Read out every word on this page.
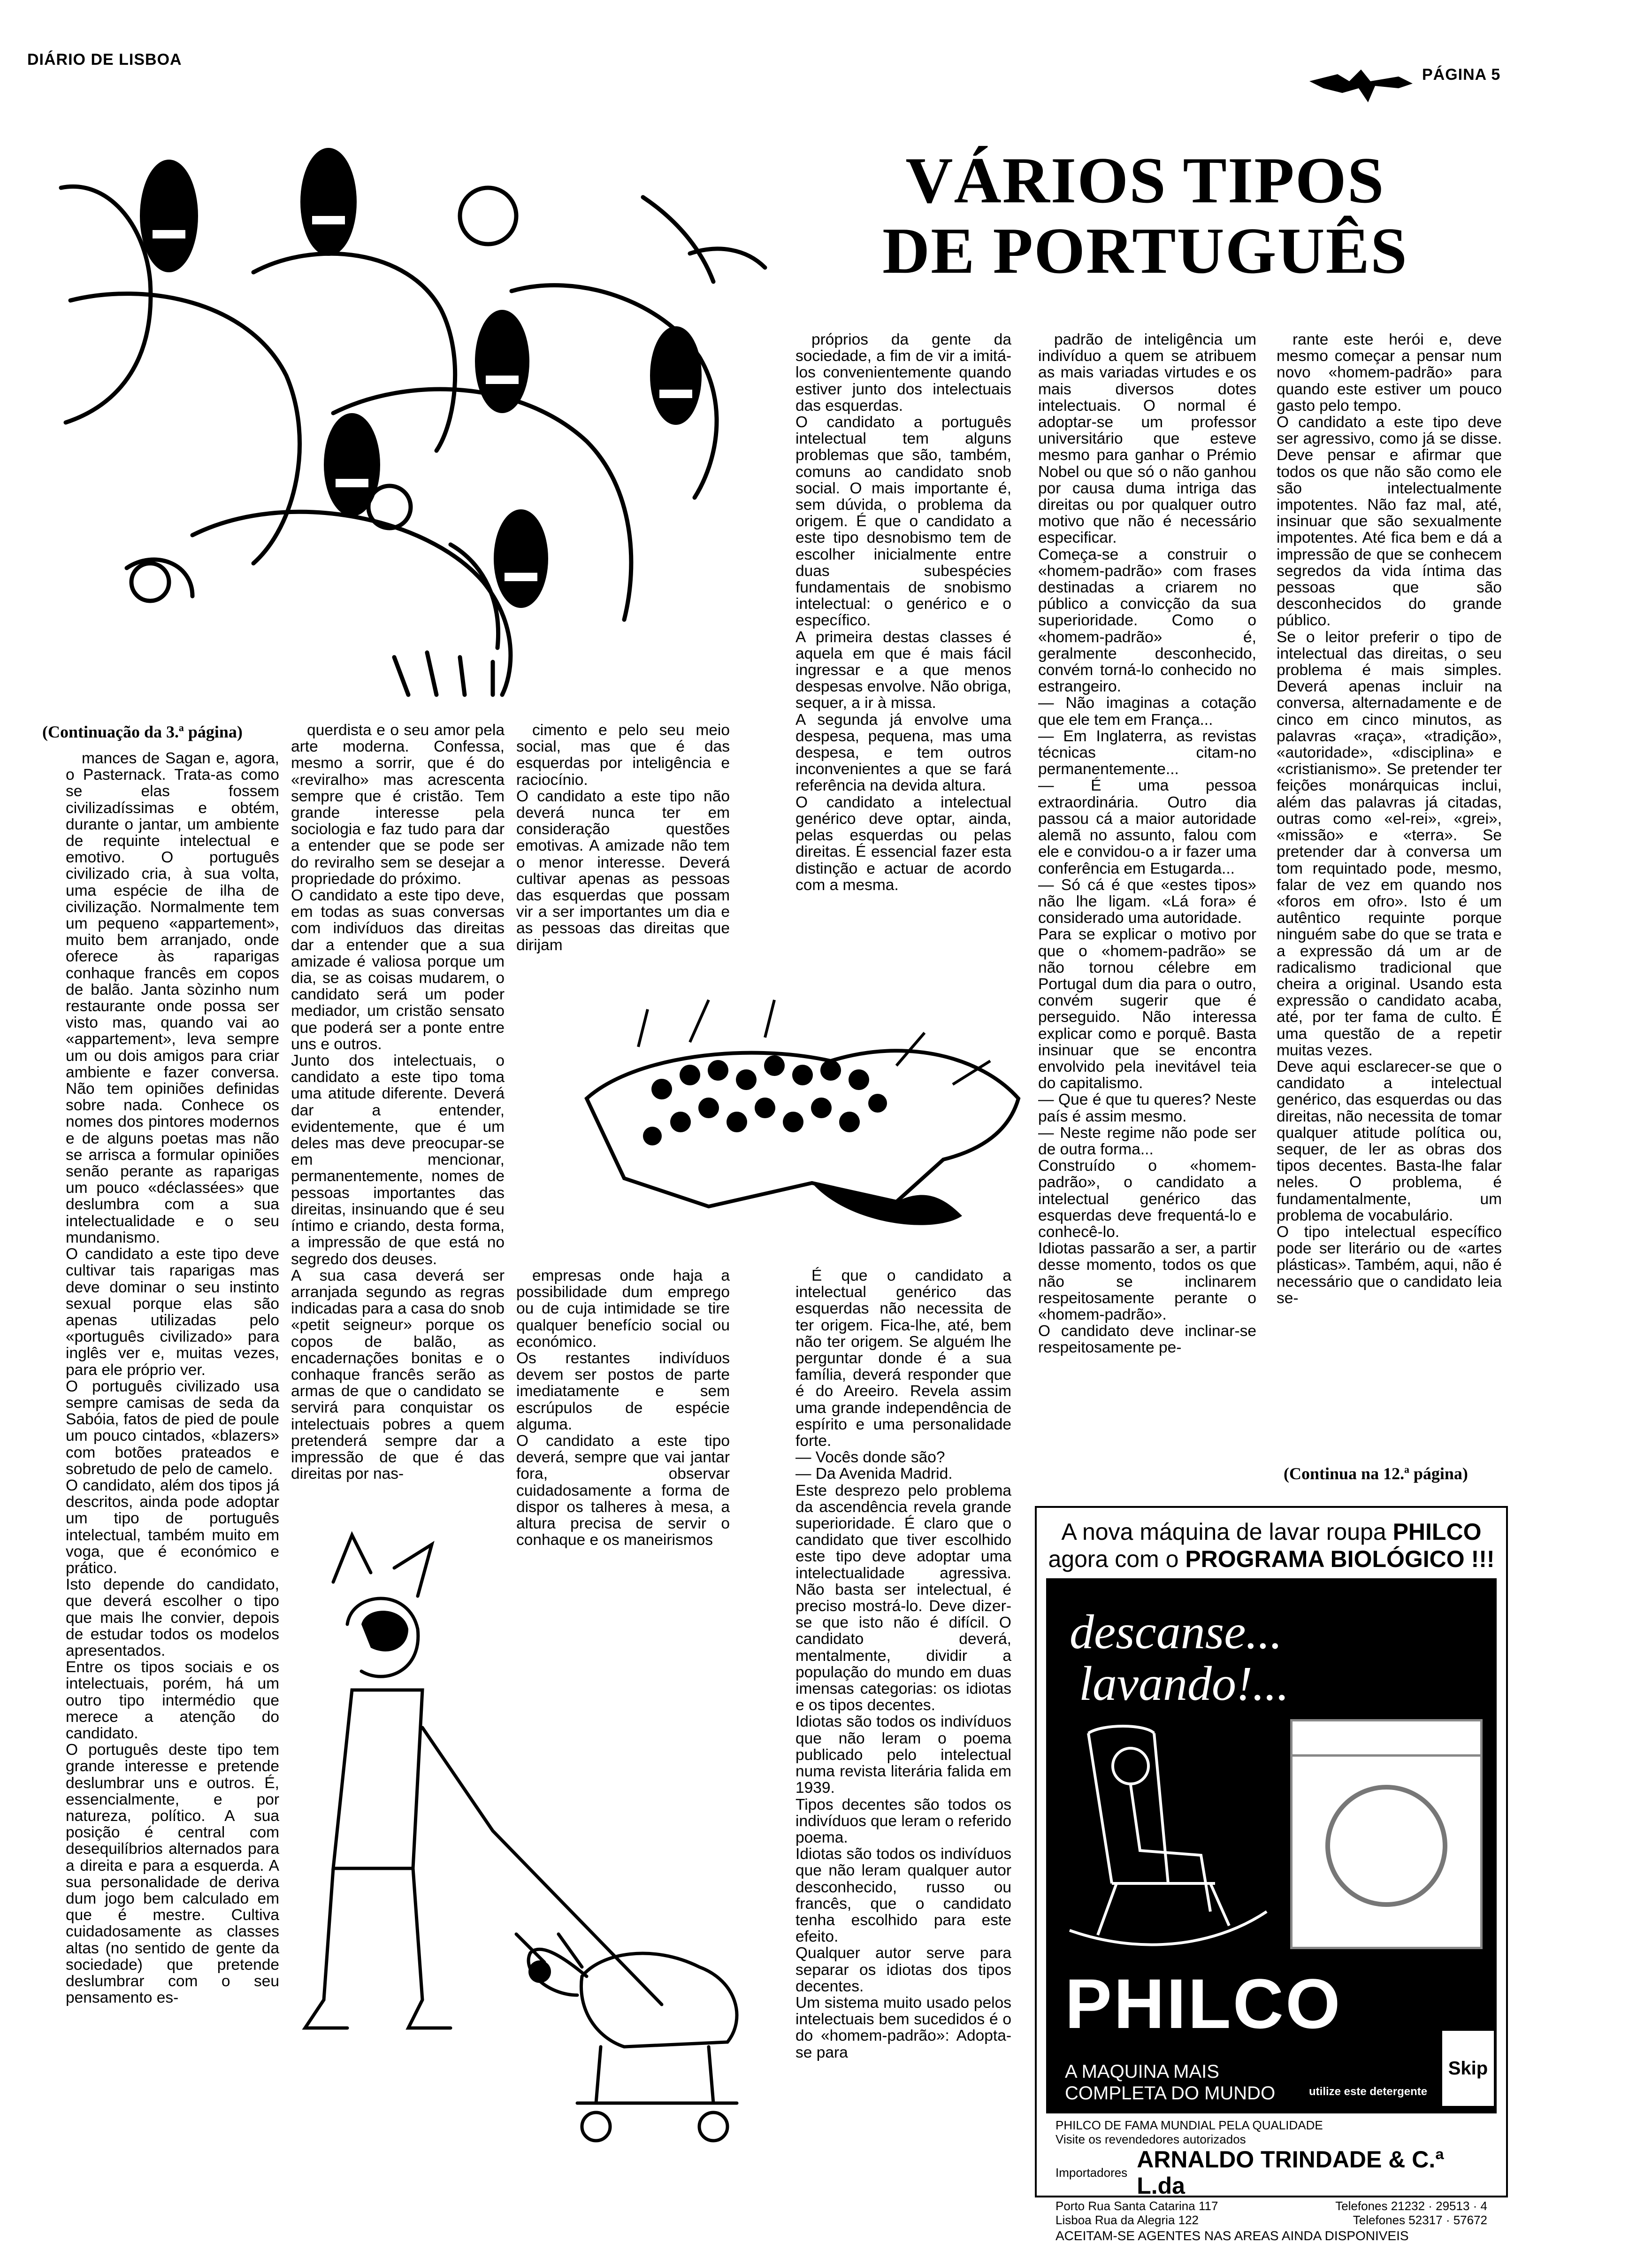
DIÁRIO DE LISBOA
PÁGINA 5
VÁRIOS TIPOS
DE PORTUGUÊS
(Continuação da 3.ª página)

mances de Sagan e, agora, o Pasternack. Trata-as como se elas fossem civilizadíssimas e obtém, durante o jantar, um ambiente de requinte intelectual e emotivo. O português civilizado cria, à sua volta, uma espécie de ilha de civilização. Normalmente tem um pequeno «appartement», muito bem arranjado, onde oferece às raparigas conhaque francês em copos de balão. Janta sòzinho num restaurante onde possa ser visto mas, quando vai ao «appartement», leva sempre um ou dois amigos para criar ambiente e fazer conversa. Não tem opiniões definidas sobre nada. Conhece os nomes dos pintores modernos e de alguns poetas mas não se arrisca a formular opiniões senão perante as raparigas um pouco «déclassées» que deslumbra com a sua intelectualidade e o seu mundanismo.
O candidato a este tipo deve cultivar tais raparigas mas deve dominar o seu instinto sexual porque elas são apenas utilizadas pelo «português civilizado» para inglês ver e, muitas vezes, para ele próprio ver.
O português civilizado usa sempre camisas de seda da Sabóia, fatos de pied de poule um pouco cintados, «blazers» com botões prateados e sobretudo de pelo de camelo.
O candidato, além dos tipos já descritos, ainda pode adoptar um tipo de português intelectual, também muito em voga, que é económico e prático.
Isto depende do candidato, que deverá escolher o tipo que mais lhe convier, depois de estudar todos os modelos apresentados.
Entre os tipos sociais e os intelectuais, porém, há um outro tipo intermédio que merece a atenção do candidato.
O português deste tipo tem grande interesse e pretende deslumbrar uns e outros. É, essencialmente, e por natureza, político. A sua posição é central com desequilíbrios alternados para a direita e para a esquerda. A sua personalidade de deriva dum jogo bem calculado em que é mestre. Cultiva cuidadosamente as classes altas (no sentido de gente da sociedade) que pretende deslumbrar com o seu pensamento es-

querdista e o seu amor pela arte moderna. Confessa, mesmo a sorrir, que é do «reviralho» mas acrescenta sempre que é cristão. Tem grande interesse pela sociologia e faz tudo para dar a entender que se pode ser do reviralho sem se desejar a propriedade do próximo.
O candidato a este tipo deve, em todas as suas conversas com indivíduos das direitas dar a entender que a sua amizade é valiosa porque um dia, se as coisas mudarem, o candidato será um poder mediador, um cristão sensato que poderá ser a ponte entre uns e outros.
Junto dos intelectuais, o candidato a este tipo toma uma atitude diferente. Deverá dar a entender, evidentemente, que é um deles mas deve preocupar-se em mencionar, permanentemente, nomes de pessoas importantes das direitas, insinuando que é seu íntimo e criando, desta forma, a impressão de que está no segredo dos deuses.
A sua casa deverá ser arranjada segundo as regras indicadas para a casa do snob «petit seigneur» porque os copos de balão, as encadernações bonitas e o conhaque francês serão as armas de que o candidato se servirá para conquistar os intelectuais pobres a quem pretenderá sempre dar a impressão de que é das direitas por nas-

cimento e pelo seu meio social, mas que é das esquerdas por inteligência e raciocínio.
O candidato a este tipo não deverá nunca ter em consideração questões emotivas. A amizade não tem o menor interesse. Deverá cultivar apenas as pessoas das esquerdas que possam vir a ser importantes um dia e as pessoas das direitas que dirijam

próprios da gente da sociedade, a fim de vir a imitá-los convenientemente quando estiver junto dos intelectuais das esquerdas.
O candidato a português intelectual tem alguns problemas que são, também, comuns ao candidato snob social. O mais importante é, sem dúvida, o problema da origem. É que o candidato a este tipo desnobismo tem de escolher inicialmente entre duas subespécies fundamentais de snobismo intelectual: o genérico e o específico.
A primeira destas classes é aquela em que é mais fácil ingressar e a que menos despesas envolve. Não obriga, sequer, a ir à missa.
A segunda já envolve uma despesa, pequena, mas uma despesa, e tem outros inconvenientes a que se fará referência na devida altura.
O candidato a intelectual genérico deve optar, ainda, pelas esquerdas ou pelas direitas. É essencial fazer esta distinção e actuar de acordo com a mesma.

padrão de inteligência um indivíduo a quem se atribuem as mais variadas virtudes e os mais diversos dotes intelectuais. O normal é adoptar-se um professor universitário que esteve mesmo para ganhar o Prémio Nobel ou que só o não ganhou por causa duma intriga das direitas ou por qualquer outro motivo que não é necessário especificar.
Começa-se a construir o «homem-padrão» com frases destinadas a criarem no público a convicção da sua superioridade. Como o «homem-padrão» é, geralmente desconhecido, convém torná-lo conhecido no estrangeiro.
— Não imaginas a cotação que ele tem em França...
— Em Inglaterra, as revistas técnicas citam-no permanentemente...
— É uma pessoa extraordinária. Outro dia passou cá a maior autoridade alemã no assunto, falou com ele e convidou-o a ir fazer uma conferência em Estugarda...
— Só cá é que «estes tipos» não lhe ligam. «Lá fora» é considerado uma autoridade.
Para se explicar o motivo por que o «homem-padrão» se não tornou célebre em Portugal dum dia para o outro, convém sugerir que é perseguido. Não interessa explicar como e porquê. Basta insinuar que se encontra envolvido pela inevitável teia do capitalismo.
— Que é que tu queres? Neste país é assim mesmo.
— Neste regime não pode ser de outra forma...
Construído o «homem-padrão», o candidato a intelectual genérico das esquerdas deve frequentá-lo e conhecê-lo.
Idiotas passarão a ser, a partir desse momento, todos os que não se inclinarem respeitosamente perante o «homem-padrão».
O candidato deve inclinar-se respeitosamente pe-

rante este herói e, deve mesmo começar a pensar num novo «homem-padrão» para quando este estiver um pouco gasto pelo tempo.
O candidato a este tipo deve ser agressivo, como já se disse. Deve pensar e afirmar que todos os que não são como ele são intelectualmente impotentes. Não faz mal, até, insinuar que são sexualmente impotentes. Até fica bem e dá a impressão de que se conhecem segredos da vida íntima das pessoas que são desconhecidos do grande público.
Se o leitor preferir o tipo de intelectual das direitas, o seu problema é mais simples. Deverá apenas incluir na conversa, alternadamente e de cinco em cinco minutos, as palavras «raça», «tradição», «autoridade», «disciplina» e «cristianismo». Se pretender ter feições monárquicas inclui, além das palavras já citadas, outras como «el-rei», «grei», «missão» e «terra». Se pretender dar à conversa um tom requintado pode, mesmo, falar de vez em quando nos «foros em ofro». Isto é um autêntico requinte porque ninguém sabe do que se trata e a expressão dá um ar de radicalismo tradicional que cheira a original. Usando esta expressão o candidato acaba, até, por ter fama de culto. É uma questão de a repetir muitas vezes.
Deve aqui esclarecer-se que o candidato a intelectual genérico, das esquerdas ou das direitas, não necessita de tomar qualquer atitude política ou, sequer, de ler as obras dos tipos decentes. Basta-lhe falar neles. O problema, é fundamentalmente, um problema de vocabulário.
O tipo intelectual específico pode ser literário ou de «artes plásticas». Também, aqui, não é necessário que o candidato leia se-

(Continua na 12.ª página)

empresas onde haja a possibilidade dum emprego ou de cuja intimidade se tire qualquer benefício social ou económico.
Os restantes indivíduos devem ser postos de parte imediatamente e sem escrúpulos de espécie alguma.
O candidato a este tipo deverá, sempre que vai jantar fora, observar cuidadosamente a forma de dispor os talheres à mesa, a altura precisa de servir o conhaque e os maneirismos

É que o candidato a intelectual genérico das esquerdas não necessita de ter origem. Fica-lhe, até, bem não ter origem. Se alguém lhe perguntar donde é a sua família, deverá responder que é do Areeiro. Revela assim uma grande independência de espírito e uma personalidade forte.
— Vocês donde são?
— Da Avenida Madrid.
Este desprezo pelo problema da ascendência revela grande superioridade. É claro que o candidato que tiver escolhido este tipo deve adoptar uma intelectualidade agressiva. Não basta ser intelectual, é preciso mostrá-lo. Deve dizer-se que isto não é difícil. O candidato deverá, mentalmente, dividir a população do mundo em duas imensas categorias: os idiotas e os tipos decentes.
Idiotas são todos os indivíduos que não leram o poema publicado pelo intelectual numa revista literária falida em 1939.
Tipos decentes são todos os indivíduos que leram o referido poema.
Idiotas são todos os indivíduos que não leram qualquer autor desconhecido, russo ou francês, que o candidato tenha escolhido para este efeito.
Qualquer autor serve para separar os idiotas dos tipos decentes.
Um sistema muito usado pelos intelectuais bem sucedidos é o do «homem-padrão»: Adopta-se para

A nova máquina de lavar roupa PHILCO
agora com o PROGRAMA BIOLÓGICO !!!
descanse...
lavando!...
PHILCO
A MAQUINA MAIS
COMPLETA DO MUNDO	utilize este detergente
Skip
PHILCO DE FAMA MUNDIAL PELA QUALIDADE
Visite os revendedores autorizados
Importadores ARNALDO TRINDADE & C.ª L.da
Porto Rua Santa Catarina 117	Telefones 21232 · 29513 · 4
Lisboa Rua da Alegria 122	Telefones 52317 · 57672
ACEITAM-SE AGENTES NAS AREAS AINDA DISPONIVEIS
